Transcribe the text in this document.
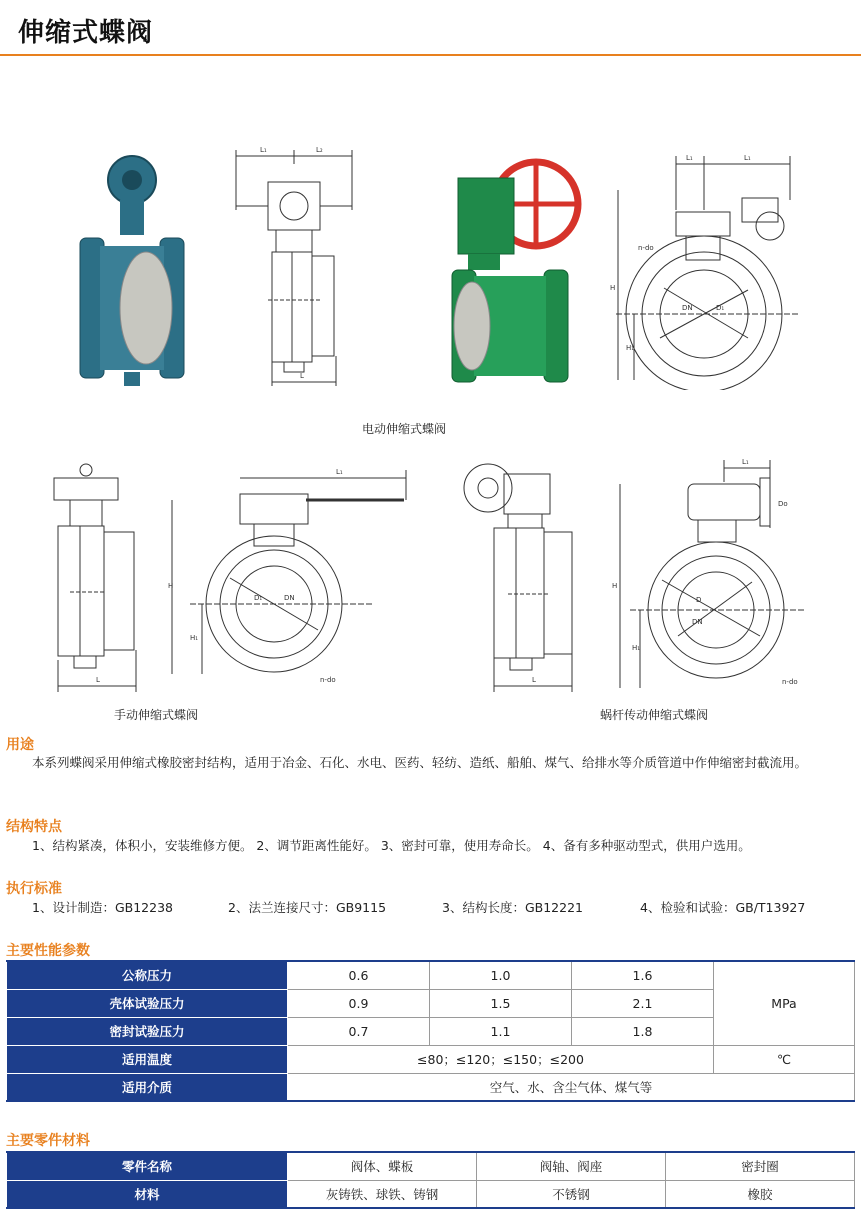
伸缩式蝶阀
L₁	L₂
L
L₁	L₁
DN	D₁
n-do
H
H₁
电动伸缩式蝶阀
L
L₁
D₁	DN
n-do
H
H₁
L
L₁
Do
D
DN
n-do
H
H₁
手动伸缩式蝶阀	蜗杆传动伸缩式蝶阀
用途
本系列蝶阀采用伸缩式橡胶密封结构，适用于冶金、石化、水电、医药、轻纺、造纸、船舶、煤气、给排水等介质管道中作伸缩密封截流用。
结构特点
1、结构紧凑，体积小，安装维修方便。 2、调节距离性能好。 3、密封可靠，使用寿命长。 4、备有多种驱动型式，供用户选用。
执行标准
1、设计制造：GB12238	2、法兰连接尺寸：GB9115	3、结构长度：GB12221	4、检验和试验：GB/T13927
主要性能参数
公称压力	0.6	1.0	1.6	MPa
壳体试验压力	0.9	1.5	2.1	
密封试验压力	0.7	1.1	1.8	
适用温度	≤80；≤120；≤150；≤200			℃
适用介质	空气、水、含尘气体、煤气等			
主要零件材料
零件名称	阀体、蝶板	阀轴、阀座	密封圈
材料	灰铸铁、球铁、铸钢	不锈钢	橡胶
